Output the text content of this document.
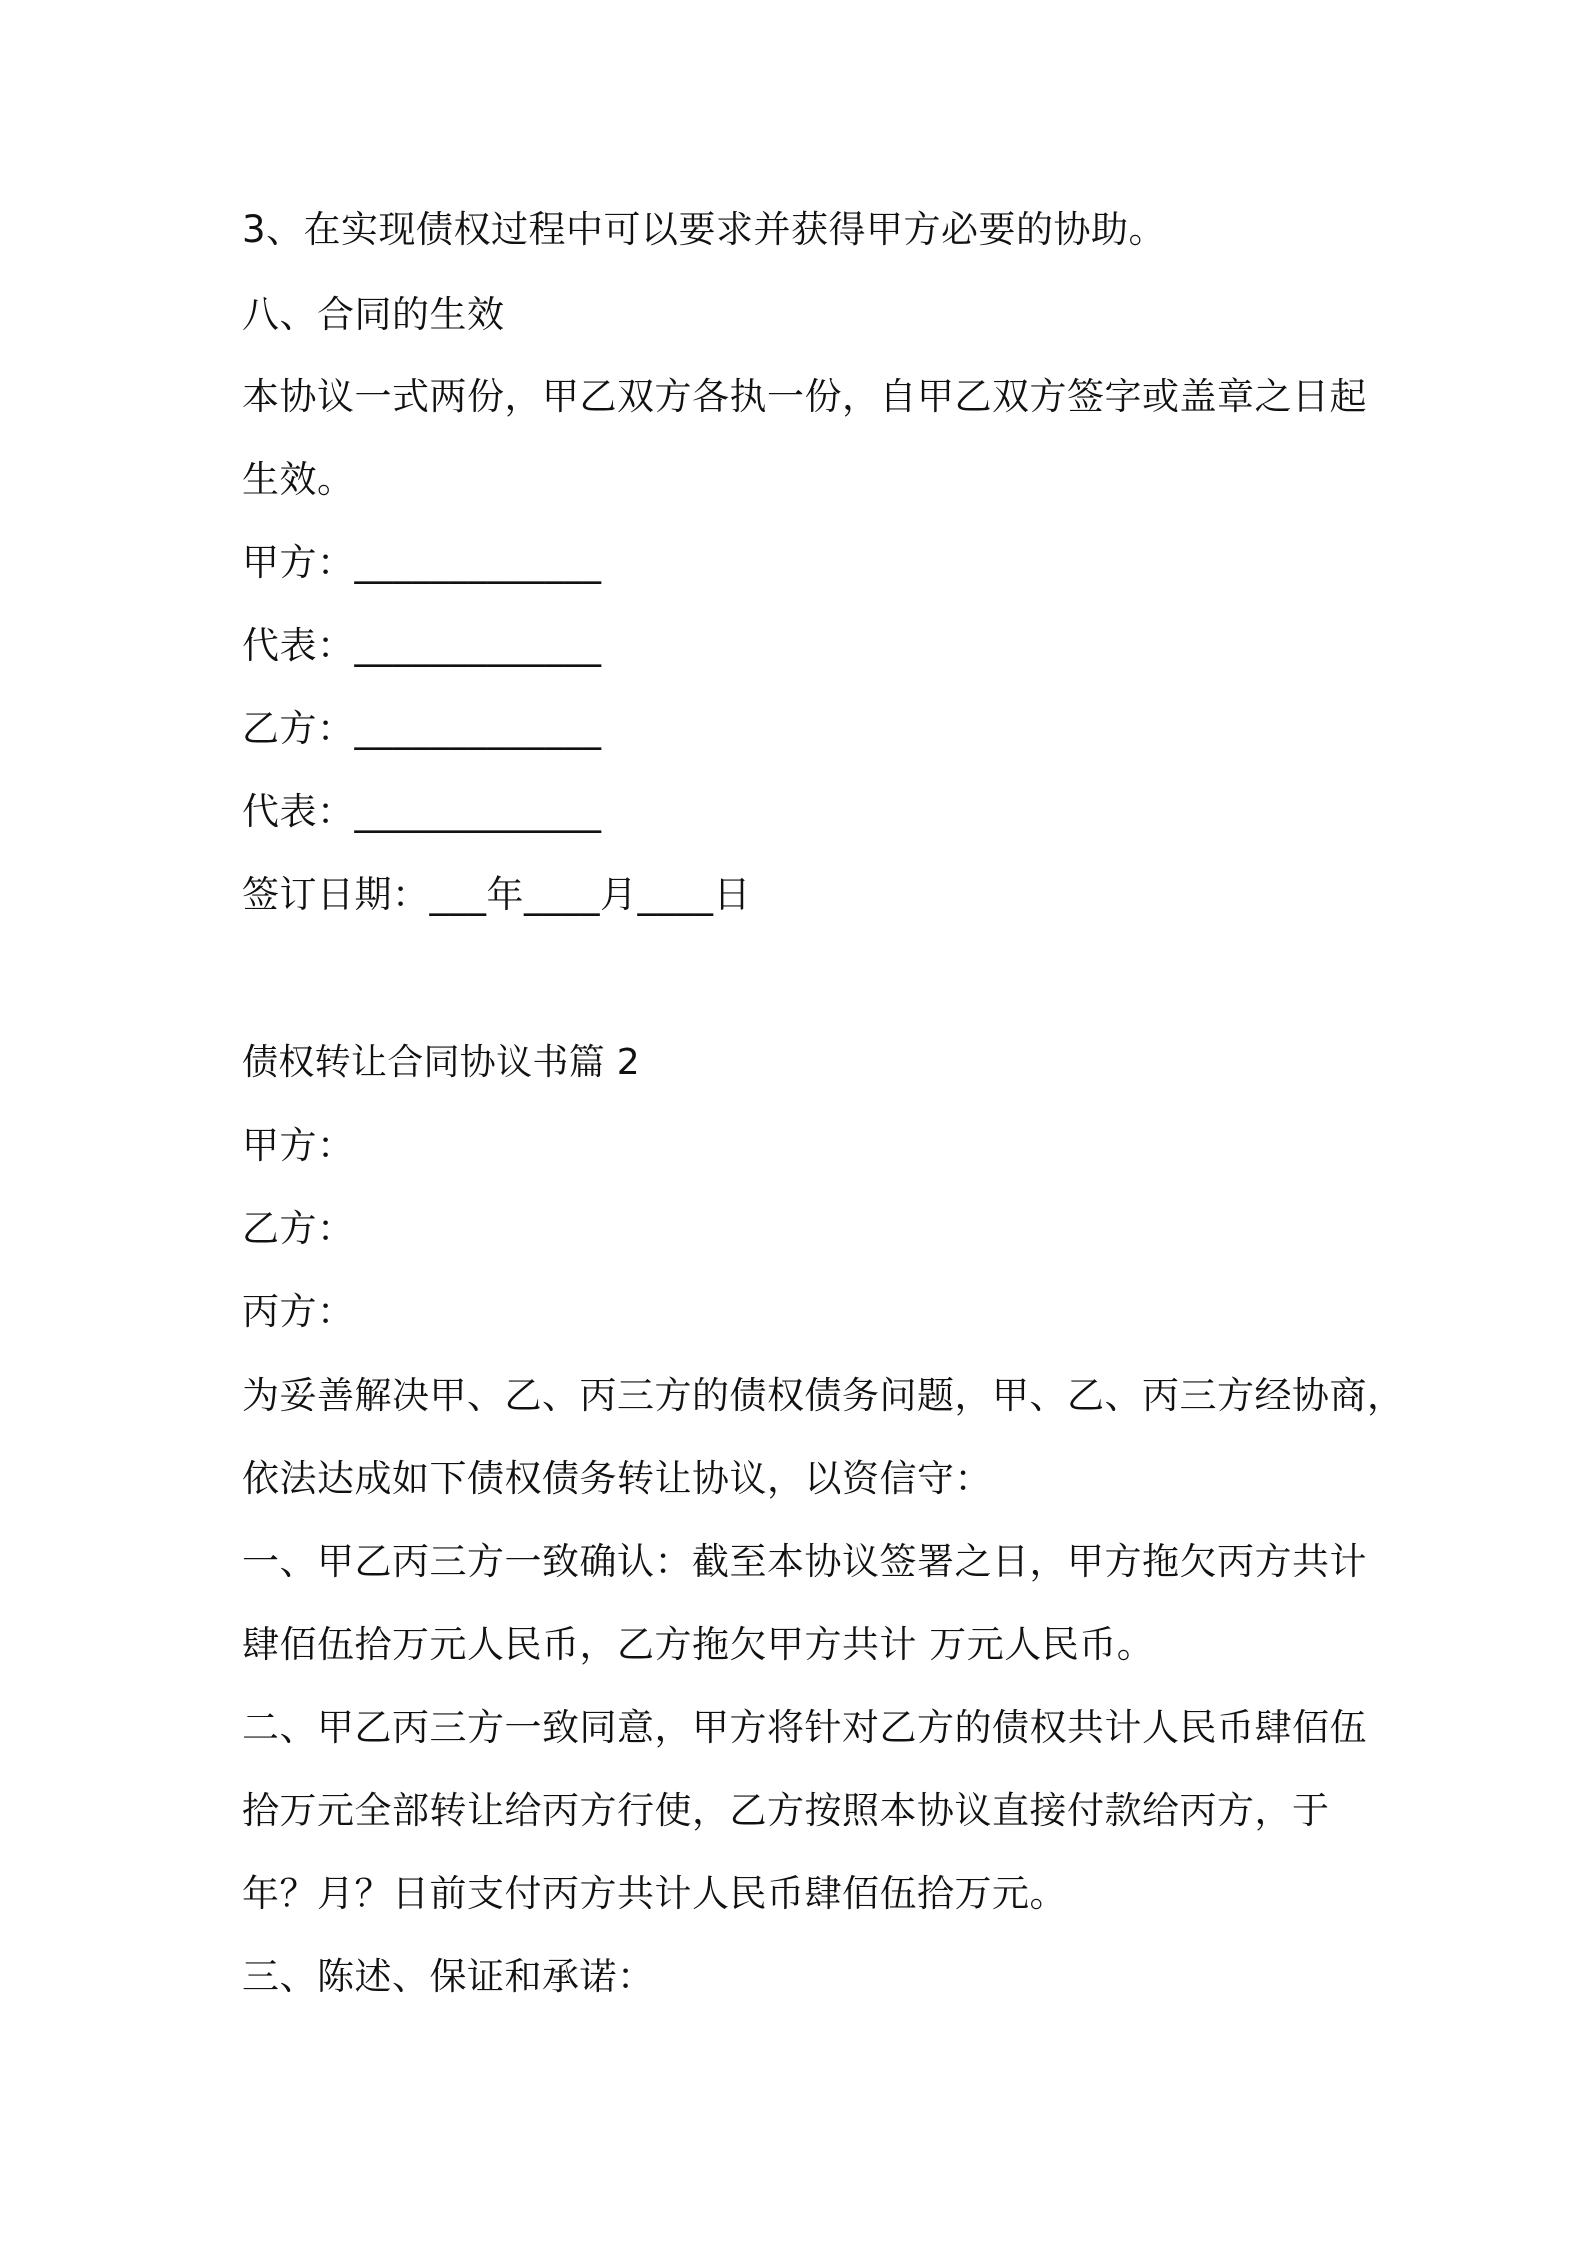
3、在实现债权过程中可以要求并获得甲方必要的协助。
八、合同的生效
本协议一式两份，甲乙双方各执一份，自甲乙双方签字或盖章之日起
生效。
甲方：_____________
代表：_____________
乙方：_____________
代表：_____________
签订日期：___年____月____日
债权转让合同协议书篇 2
甲方：
乙方：
丙方：
为妥善解决甲、乙、丙三方的债权债务问题，甲、乙、丙三方经协商，
依法达成如下债权债务转让协议，以资信守：
一、甲乙丙三方一致确认：截至本协议签署之日，甲方拖欠丙方共计
肆佰伍拾万元人民币，乙方拖欠甲方共计 万元人民币。
二、甲乙丙三方一致同意，甲方将针对乙方的债权共计人民币肆佰伍
拾万元全部转让给丙方行使，乙方按照本协议直接付款给丙方，于
年？月？日前支付丙方共计人民币肆佰伍拾万元。
三、陈述、保证和承诺：
